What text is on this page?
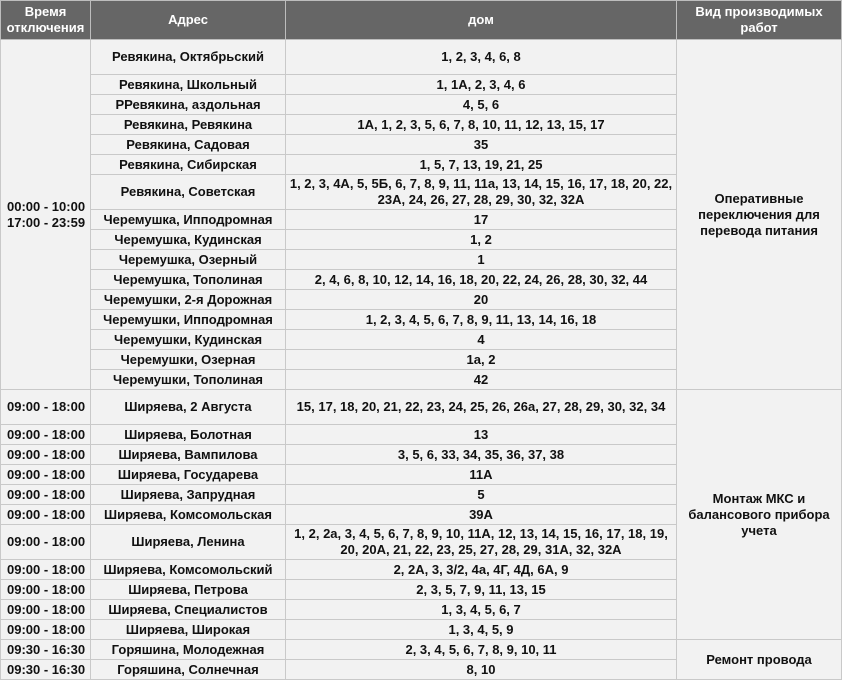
Время отключения	Адрес	дом	Вид производимых работ
00:00 - 10:00
17:00 - 23:59	Ревякина, Октябрьский	1, 2, 3, 4, 6, 8	Оперативные переключения для перевода питания
	Ревякина, Школьный	1, 1А, 2, 3, 4, 6	
	РРевякина, аздольная	4, 5, 6	
	Ревякина, Ревякина	1А, 1, 2, 3, 5, 6, 7, 8, 10, 11, 12, 13, 15, 17	
	Ревякина, Садовая	35	
	Ревякина, Сибирская	1, 5, 7, 13, 19, 21, 25	
	Ревякина, Советская	1, 2, 3, 4А, 5, 5Б, 6, 7, 8, 9, 11, 11а, 13, 14, 15, 16, 17, 18, 20, 22, 23А, 24, 26, 27, 28, 29, 30, 32, 32А	
	Черемушка, Ипподромная	17	
	Черемушка, Кудинская	1, 2	
	Черемушка, Озерный	1	
	Черемушка, Тополиная	2, 4, 6, 8, 10, 12, 14, 16, 18, 20, 22, 24, 26, 28, 30, 32, 44	
	Черемушки, 2-я Дорожная	20	
	Черемушки, Ипподромная	1, 2, 3, 4, 5, 6, 7, 8, 9, 11, 13, 14, 16, 18	
	Черемушки, Кудинская	4	
	Черемушки, Озерная	1а, 2	
	Черемушки, Тополиная	42	
09:00 - 18:00	Ширяева, 2 Августа	15, 17, 18, 20, 21, 22, 23, 24, 25, 26, 26а, 27, 28, 29, 30, 32, 34	Монтаж МКС и балансового прибора учета
09:00 - 18:00	Ширяева, Болотная	13	
09:00 - 18:00	Ширяева, Вампилова	3, 5, 6, 33, 34, 35, 36, 37, 38	
09:00 - 18:00	Ширяева, Государева	11А	
09:00 - 18:00	Ширяева, Запрудная	5	
09:00 - 18:00	Ширяева, Комсомольская	39А	
09:00 - 18:00	Ширяева, Ленина	1, 2, 2а, 3, 4, 5, 6, 7, 8, 9, 10, 11А, 12, 13, 14, 15, 16, 17, 18, 19, 20, 20А, 21, 22, 23, 25, 27, 28, 29, 31А, 32, 32А	
09:00 - 18:00	Ширяева, Комсомольский	2, 2А, 3, 3/2, 4а, 4Г, 4Д, 6А, 9	
09:00 - 18:00	Ширяева, Петрова	2, 3, 5, 7, 9, 11, 13, 15	
09:00 - 18:00	Ширяева, Специалистов	1, 3, 4, 5, 6, 7	
09:00 - 18:00	Ширяева, Широкая	1, 3, 4, 5, 9	
09:30 - 16:30	Горяшина, Молодежная	2, 3, 4, 5, 6, 7, 8, 9, 10, 11	Ремонт провода
09:30 - 16:30	Горяшина, Солнечная	8, 10	
